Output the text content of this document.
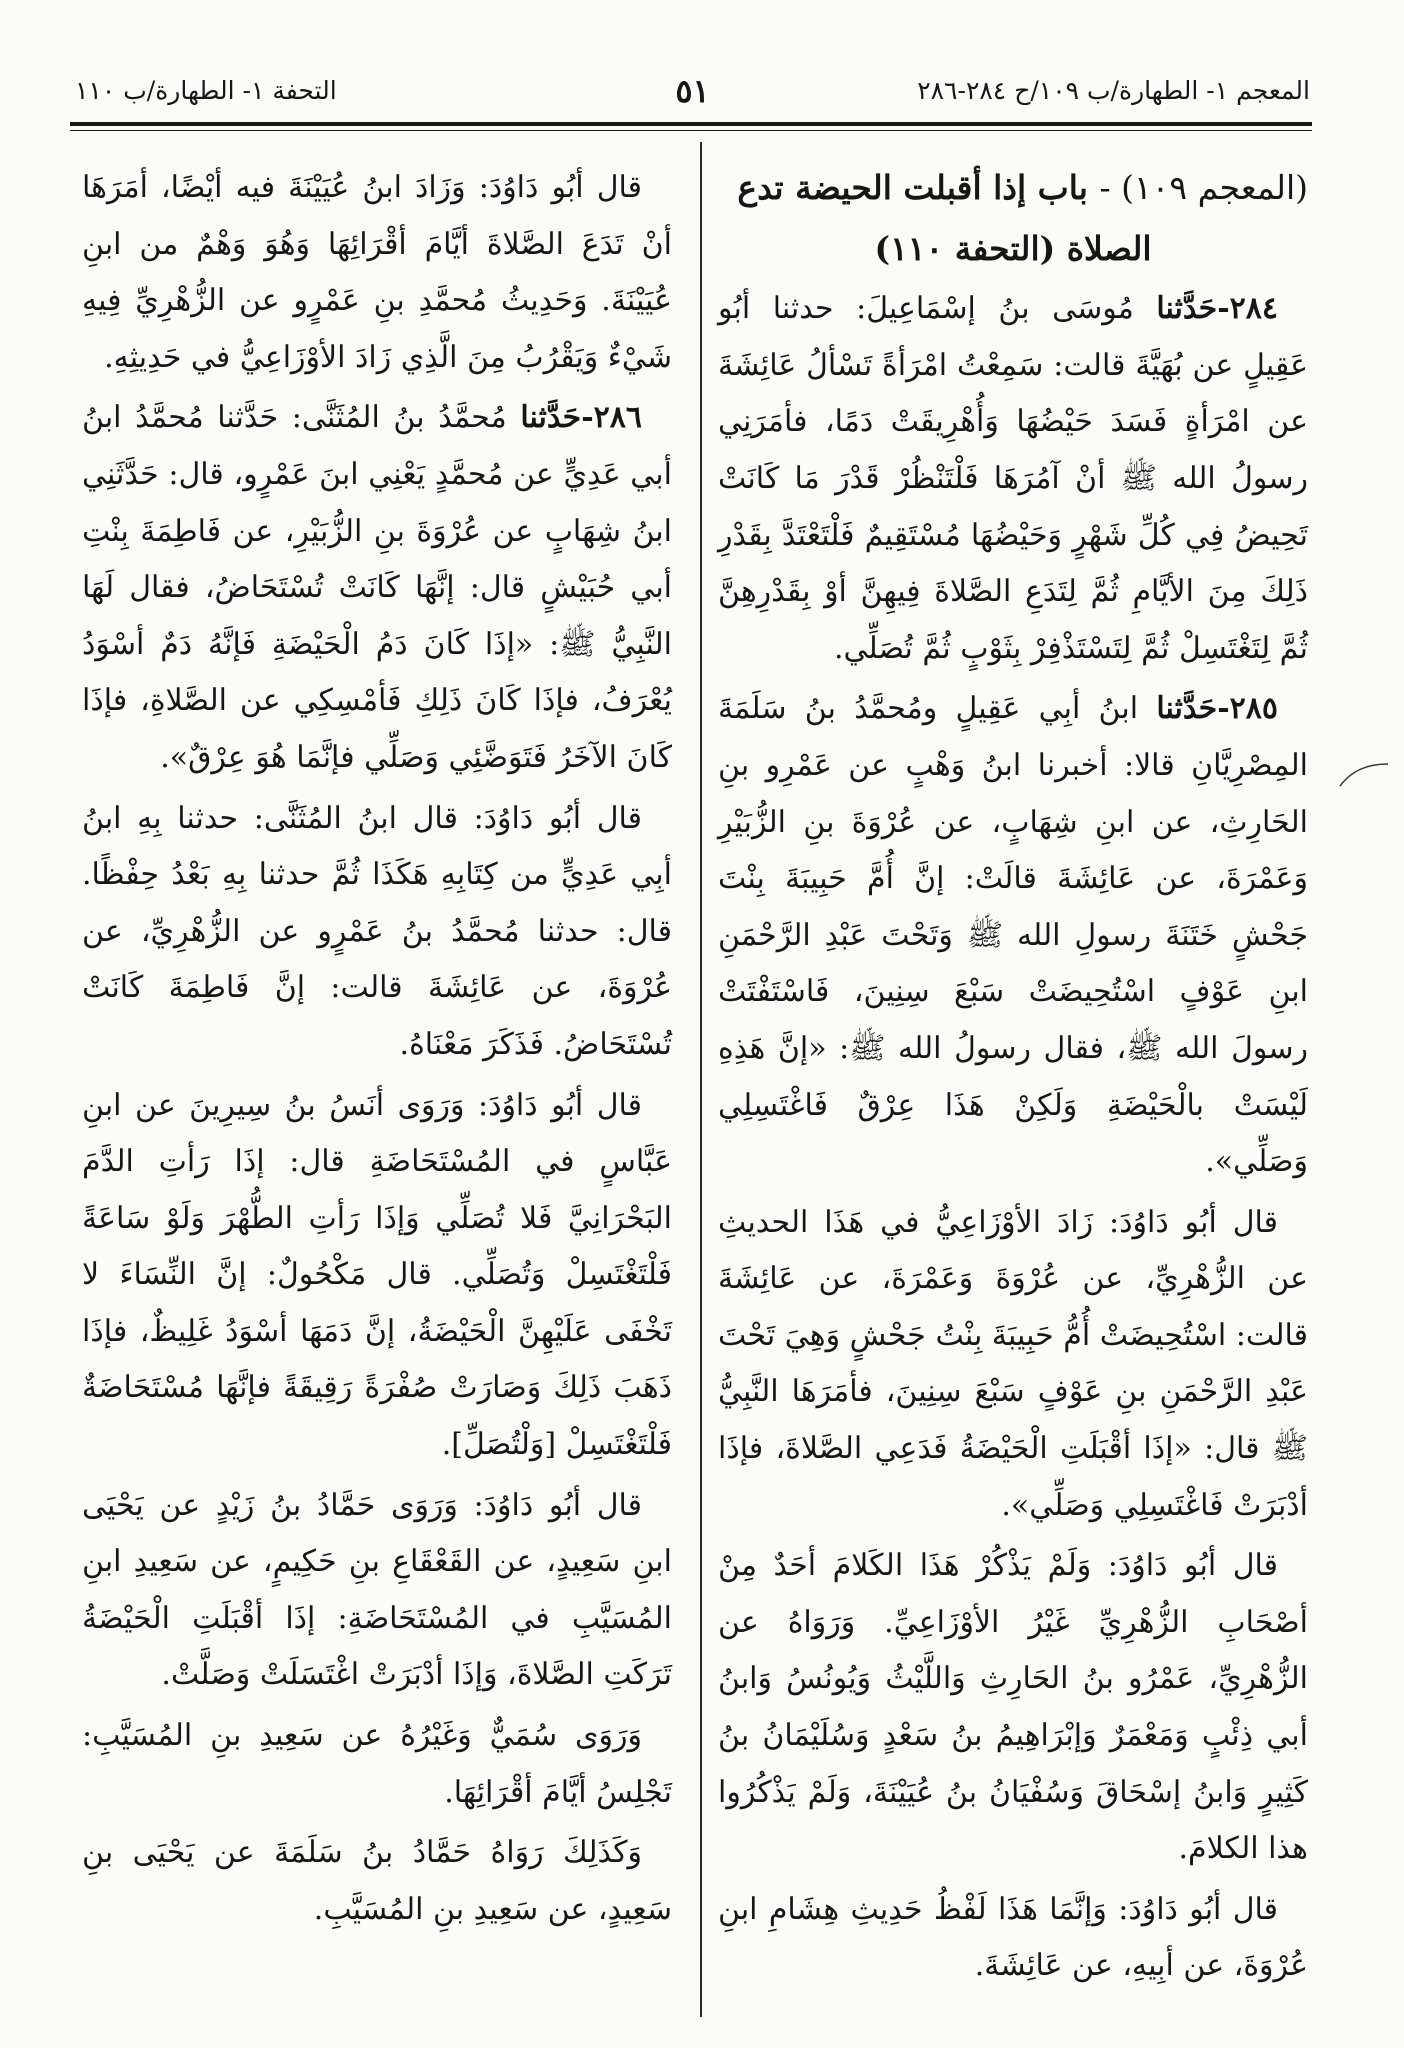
المعجم ١- الطهارة/ب ١٠٩/ح ٢٨٤-٢٨٦
٥١
التحفة ١- الطهارة/ب ١١٠

(المعجم ١٠٩) - باب إذا أقبلت الحيضة تدع

الصلاة (التحفة ١١٠)

٢٨٤-حَدَّثنا مُوسَى بنُ إسْمَاعِيلَ: حدثنا أبُو عَقِيلٍ عن بُهَيَّةَ قالت: سَمِعْتُ امْرَأةً تَسْألُ عَائِشَةَ عن امْرَأةٍ فَسَدَ حَيْضُهَا وَأُهْرِيقَتْ دَمًا، فأمَرَنِي رسولُ الله ﷺ أنْ آمُرَهَا فَلْتَنْظُرْ قَدْرَ مَا كَانَتْ تَحِيضُ فِي كُلِّ شَهْرٍ وَحَيْضُهَا مُسْتَقِيمٌ فَلْتَعْتَدَّ بِقَدْرِ ذَلِكَ مِنَ الأيَّامِ ثُمَّ لِتَدَعِ الصَّلاةَ فِيهِنَّ أوْ بِقَدْرِهِنَّ ثُمَّ لِتَغْتَسِلْ ثُمَّ لِتَسْتَذْفِرْ بِثَوْبٍ ثُمَّ تُصَلِّي.

٢٨٥-حَدَّثنا ابنُ أبِي عَقِيلٍ ومُحمَّدُ بنُ سَلَمَةَ المِصْرِيَّانِ قالا: أخبرنا ابنُ وَهْبٍ عن عَمْرِو بنِ الحَارِثِ، عن ابنِ شِهَابٍ، عن عُرْوَةَ بنِ الزُّبَيْرِ وَعَمْرَةَ، عن عَائِشَةَ قالَتْ: إنَّ أُمَّ حَبِيبَةَ بِنْتَ جَحْشٍ خَتَنَةَ رسولِ الله ﷺ وَتَحْتَ عَبْدِ الرَّحْمَنِ ابنِ عَوْفٍ اسْتُحِيضَتْ سَبْعَ سِنِينَ، فَاسْتَفْتَتْ رسولَ الله ﷺ، فقال رسولُ الله ﷺ: «إنَّ هَذِهِ لَيْسَتْ بالْحَيْضَةِ وَلَكِنْ هَذَا عِرْقٌ فَاغْتَسِلِي وَصَلِّي».

قال أبُو دَاوُدَ: زَادَ الأوْزَاعِيُّ في هَذَا الحديثِ عن الزُّهْرِيِّ، عن عُرْوَةَ وَعَمْرَةَ، عن عَائِشَةَ قالت: اسْتُحِيضَتْ أُمُّ حَبِيبَةَ بِنْتُ جَحْشٍ وَهِيَ تَحْتَ عَبْدِ الرَّحْمَنِ بنِ عَوْفٍ سَبْعَ سِنِينَ، فأمَرَهَا النَّبِيُّ ﷺ قال: «إذَا أقْبَلَتِ الْحَيْضَةُ فَدَعِي الصَّلاةَ، فإذَا أدْبَرَتْ فَاغْتَسِلِي وَصَلِّي».

قال أبُو دَاوُدَ: وَلَمْ يَذْكُرْ هَذَا الكَلامَ أحَدٌ مِنْ أصْحَابِ الزُّهْرِيِّ غَيْرُ الأوْزَاعِيِّ. وَرَوَاهُ عن الزُّهْرِيِّ، عَمْرُو بنُ الحَارِثِ وَاللَّيْثُ وَيُونُسُ وَابنُ أبي ذِئْبٍ وَمَعْمَرٌ وَإبْرَاهِيمُ بنُ سَعْدٍ وَسُلَيْمَانُ بنُ كَثِيرٍ وَابنُ إسْحَاقَ وَسُفْيَانُ بنُ عُيَيْنَةَ، وَلَمْ يَذْكُرُوا هذا الكلامَ.

قال أبُو دَاوُدَ: وَإنَّمَا هَذَا لَفْظُ حَدِيثِ هِشَامِ ابنِ عُرْوَةَ، عن أبِيهِ، عن عَائِشَةَ.

قال أبُو دَاوُدَ: وَزَادَ ابنُ عُيَيْنَةَ فيه أيْضًا، أمَرَهَا أنْ تَدَعَ الصَّلاةَ أيَّامَ أقْرَائِهَا وَهُوَ وَهْمٌ من ابنِ عُيَيْنَةَ. وَحَدِيثُ مُحمَّدِ بنِ عَمْرٍو عن الزُّهْرِيِّ فِيهِ شَيْءٌ وَيَقْرُبُ مِنَ الَّذِي زَادَ الأوْزَاعِيُّ في حَدِيثِهِ.

٢٨٦-حَدَّثنا مُحمَّدُ بنُ المُثَنَّى: حَدَّثنا مُحمَّدُ ابنُ أبي عَدِيٍّ عن مُحمَّدٍ يَعْنِي ابنَ عَمْرٍو، قال: حَدَّثَنِي ابنُ شِهَابٍ عن عُرْوَةَ بنِ الزُّبَيْرِ، عن فَاطِمَةَ بِنْتِ أبي حُبَيْشٍ قال: إنَّهَا كَانَتْ تُسْتَحَاضُ، فقال لَهَا النَّبِيُّ ﷺ: «إذَا كَانَ دَمُ الْحَيْضَةِ فَإنَّهُ دَمٌ أسْوَدُ يُعْرَفُ، فإذَا كَانَ ذَلِكِ فَأمْسِكِي عن الصَّلاةِ، فإذَا كَانَ الآخَرُ فَتَوَضَّئِي وَصَلِّي فإنَّمَا هُوَ عِرْقٌ».

قال أبُو دَاوُدَ: قال ابنُ المُثَنَّى: حدثنا بِهِ ابنُ أبِي عَدِيٍّ من كِتَابِهِ هَكَذَا ثُمَّ حدثنا بِهِ بَعْدُ حِفْظًا. قال: حدثنا مُحمَّدُ بنُ عَمْرٍو عن الزُّهْرِيِّ، عن عُرْوَةَ، عن عَائِشَةَ قالت: إنَّ فَاطِمَةَ كَانَتْ تُسْتَحَاضُ. فَذَكَرَ مَعْنَاهُ.

قال أبُو دَاوُدَ: وَرَوَى أنَسُ بنُ سِيرِينَ عن ابنِ عَبَّاسٍ في المُسْتَحَاضَةِ قال: إذَا رَأتِ الدَّمَ البَحْرَانِيَّ فَلا تُصَلِّي وَإذَا رَأتِ الطُّهْرَ وَلَوْ سَاعَةً فَلْتَغْتَسِلْ وَتُصَلِّي. قال مَكْحُولٌ: إنَّ النِّسَاءَ لا تَخْفَى عَلَيْهِنَّ الْحَيْضَةُ، إنَّ دَمَهَا أسْوَدُ غَلِيظٌ، فإذَا ذَهَبَ ذَلِكَ وَصَارَتْ صُفْرَةً رَقِيقَةً فإنَّهَا مُسْتَحَاضَةٌ فَلْتَغْتَسِلْ [وَلْتُصَلِّ].

قال أبُو دَاوُدَ: وَرَوَى حَمَّادُ بنُ زَيْدٍ عن يَحْيَى ابنِ سَعِيدٍ، عن القَعْقَاعِ بنِ حَكِيمٍ، عن سَعِيدِ ابنِ المُسَيَّبِ في المُسْتَحَاضَةِ: إذَا أقْبَلَتِ الْحَيْضَةُ تَرَكَتِ الصَّلاةَ، وَإذَا أدْبَرَتْ اغْتَسَلَتْ وَصَلَّتْ.

وَرَوَى سُمَيٌّ وَغَيْرُهُ عن سَعِيدِ بنِ المُسَيَّبِ: تَجْلِسُ أيَّامَ أقْرَائِهَا.

وَكَذَلِكَ رَوَاهُ حَمَّادُ بنُ سَلَمَةَ عن يَحْيَى بنِ سَعِيدٍ، عن سَعِيدِ بنِ المُسَيَّبِ.
